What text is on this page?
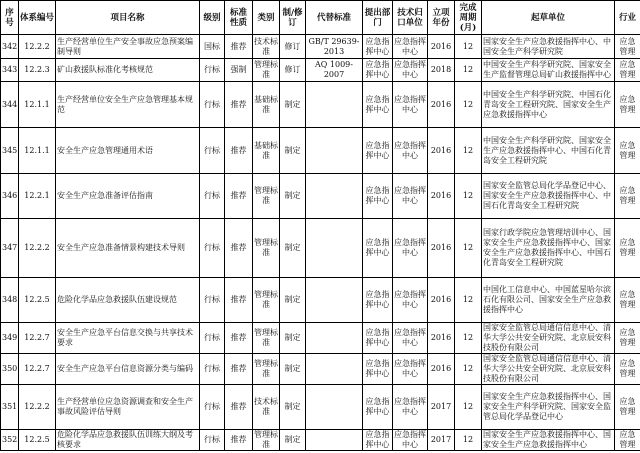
序号	体系编号	项目名称	级别	标准性质	类别	制/修订	代替标准	提出部门	技术归口单位	立项年份	完成周期(月)	起草单位	行业
342	12.2.2	生产经营单位生产安全事故应急预案编制导则	国标	推荐	技术标准	修订	GB/T 29639-2013	应急指挥中心	应急指挥中心	2016	12	国家安全生产应急救援指挥中心、中国安全生产科学研究院	应急管理
343	12.2.3	矿山救援队标准化考核规范	行标	强制	管理标准	修订	AQ 1009-2007	应急指挥中心	应急指挥中心	2018	12	中国安全生产科学研究院、国家安全生产监督管理总局矿山救援指挥中心	应急管理
344	12.1.1	生产经营单位安全生产应急管理基本规范	行标	推荐	基础标准	制定		应急指挥中心	应急指挥中心	2016	12	中国安全生产科学研究院、中国石化青岛安全工程研究院、国家安全生产应急救援指挥中心	应急管理
345	12.1.1	安全生产应急管理通用术语	行标	推荐	基础标准	制定		应急指挥中心	应急指挥中心	2016	12	中国安全生产科学研究院、国家安全生产应急救援指挥中心、中国石化青岛安全工程研究院	应急管理
346	12.2.1	安全生产应急准备评估指南	行标	推荐	管理标准	制定		应急指挥中心	应急指挥中心	2016	12	国家安全监管总局化学品登记中心、国家安全生产应急救援指挥中心、中国石化青岛安全工程研究院	应急管理
347	12.2.2	安全生产应急准备情景构建技术导则	行标	推荐	管理标准	制定		应急指挥中心	应急指挥中心	2016	12	国家行政学院应急管理培训中心、国家安全生产应急救援指挥中心、国家安全生产应急救援指挥中心、中国石化青岛安全工程研究院	应急管理
348	12.2.5	危险化学品应急救援队伍建设规范	行标	推荐	管理标准	制定		应急指挥中心	应急指挥中心	2016	12	中国化工信息中心、中国蓝星哈尔滨石化有限公司、国家安全生产应急救援指挥中心	应急管理
349	12.2.7	安全生产应急平台信息交换与共享技术要求	行标	推荐	管理标准	制定		应急指挥中心	应急指挥中心	2016	12	国家安全监管总局通信信息中心、清华大学公共安全研究院、北京辰安科技股份有限公司	应急管理
350	12.2.7	安全生产应急平台信息资源分类与编码	行标	推荐	管理标准	制定		应急指挥中心	应急指挥中心	2016	12	国家安全监管总局通信信息中心、清华大学公共安全研究院、北京辰安科技股份有限公司	应急管理
351	12.2.2	生产经营单位应急资源调查和安全生产事故风险评估导则	行标	推荐	技术标准	制定		应急指挥中心	应急指挥中心	2017	12	国家安全生产应急救援指挥中心、国家安全生产科学研究院、国家安全监管总局化学品登记中心	应急管理
352	12.2.5	危险化学品应急救援队伍训练大纲及考核要求	行标	推荐	管理标准	制定		应急指挥中心	应急指挥中心	2017	12	国家安全生产应急救援指挥中心、国家安全生产应急救援指挥中心	应急管理
